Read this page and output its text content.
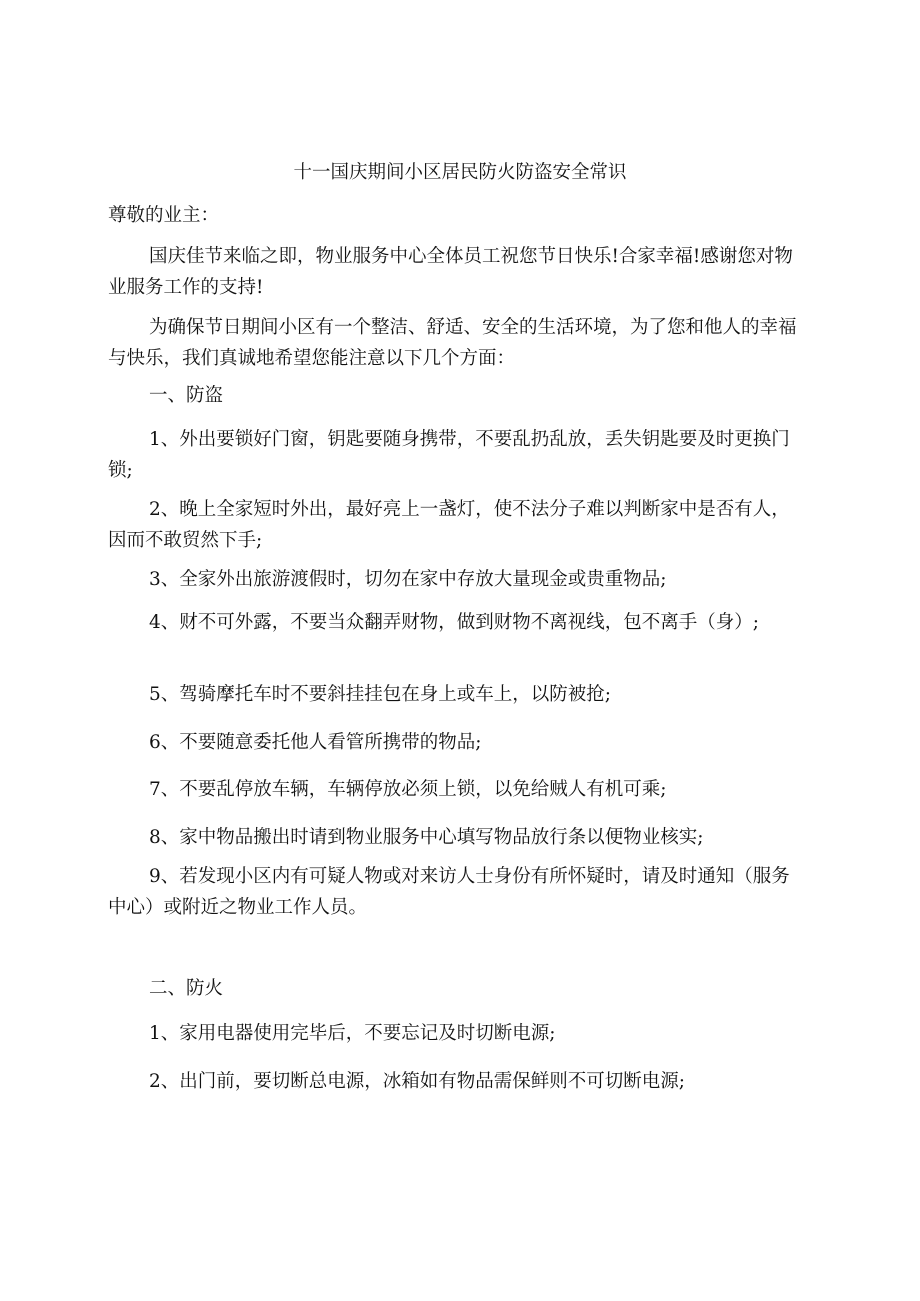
十一国庆期间小区居民防火防盗安全常识

尊敬的业主：

国庆佳节来临之即，物业服务中心全体员工祝您节日快乐!合家幸福!感谢您对物业服务工作的支持!

为确保节日期间小区有一个整洁、舒适、安全的生活环境，为了您和他人的幸福与快乐，我们真诚地希望您能注意以下几个方面：

一、防盗

1、外出要锁好门窗，钥匙要随身携带，不要乱扔乱放，丢失钥匙要及时更换门锁;

2、晚上全家短时外出，最好亮上一盏灯，使不法分子难以判断家中是否有人，因而不敢贸然下手;

3、全家外出旅游渡假时，切勿在家中存放大量现金或贵重物品;

4、财不可外露，不要当众翻弄财物，做到财物不离视线，包不离手（身）;

5、驾骑摩托车时不要斜挂挂包在身上或车上，以防被抢;

6、不要随意委托他人看管所携带的物品;

7、不要乱停放车辆，车辆停放必须上锁，以免给贼人有机可乘;

8、家中物品搬出时请到物业服务中心填写物品放行条以便物业核实;

9、若发现小区内有可疑人物或对来访人士身份有所怀疑时，请及时通知（服务中心）或附近之物业工作人员。

二、防火

1、家用电器使用完毕后，不要忘记及时切断电源;

2、出门前，要切断总电源，冰箱如有物品需保鲜则不可切断电源;
